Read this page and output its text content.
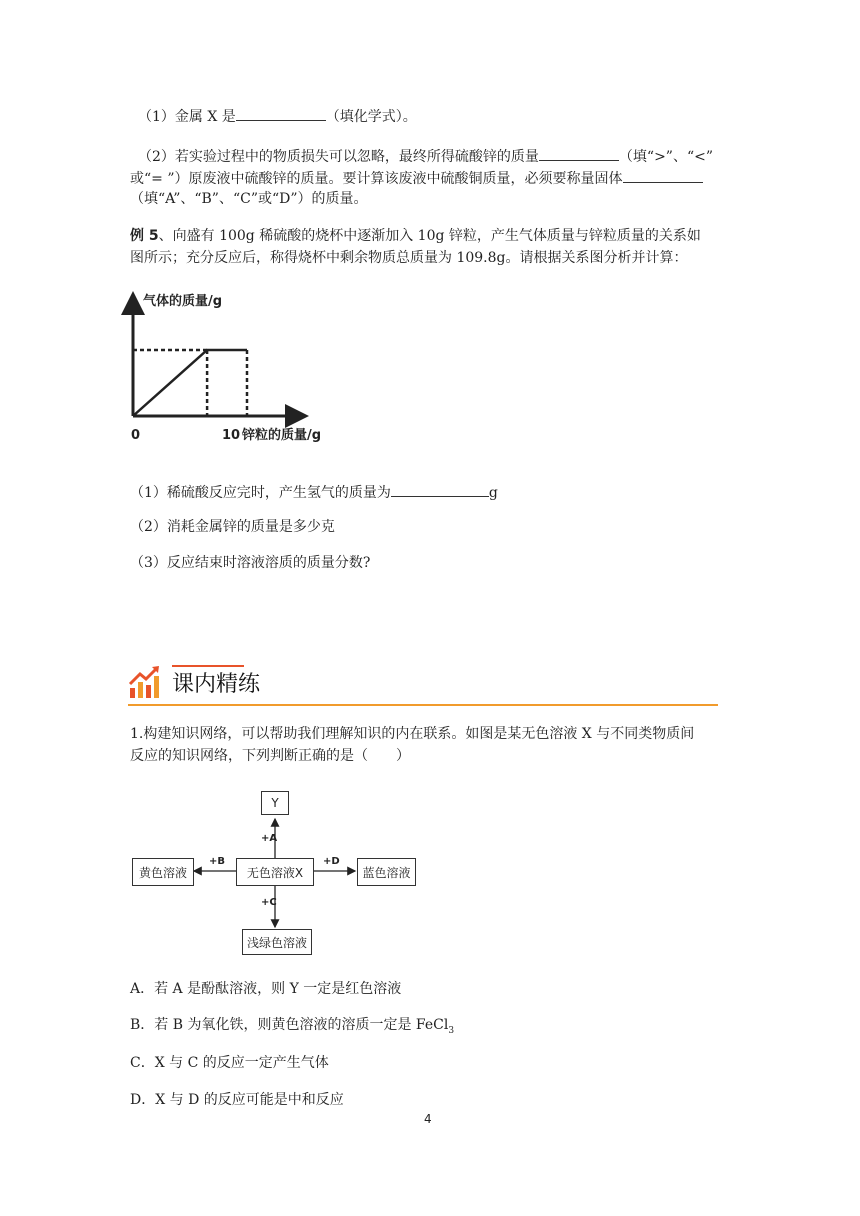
（1）金属 X 是	（填化学式）。
（2）若实验过程中的物质损失可以忽略，最终所得硫酸锌的质量	（填“>”、“<”
或“= ”）原废液中硫酸锌的质量。要计算该废液中硫酸铜质量，必须要称量固体
（填“A”、“B”、“C”或“D”）的质量。
例 5、向盛有 100g 稀硫酸的烧杯中逐渐加入 10g 锌粒，产生气体质量与锌粒质量的关系如
图所示；充分反应后，称得烧杯中剩余物质总质量为 109.8g。请根据关系图分析并计算：
气体的质量/g
0	10 锌粒的质量/g
（1）稀硫酸反应完时，产生氢气的质量为	g
（2）消耗金属锌的质量是多少克
（3）反应结束时溶液溶质的质量分数?
课内精练
1.构建知识网络，可以帮助我们理解知识的内在联系。如图是某无色溶液 X 与不同类物质间
反应的知识网络，下列判断正确的是（　　）
Y
无色溶液X
黄色溶液	蓝色溶液
浅绿色溶液
+A
+B	+D
+C
A．若 A 是酚酞溶液，则 Y 一定是红色溶液
B．若 B 为氧化铁，则黄色溶液的溶质一定是 FeCl$_3$
C．X 与 C 的反应一定产生气体
D．X 与 D 的反应可能是中和反应
4
